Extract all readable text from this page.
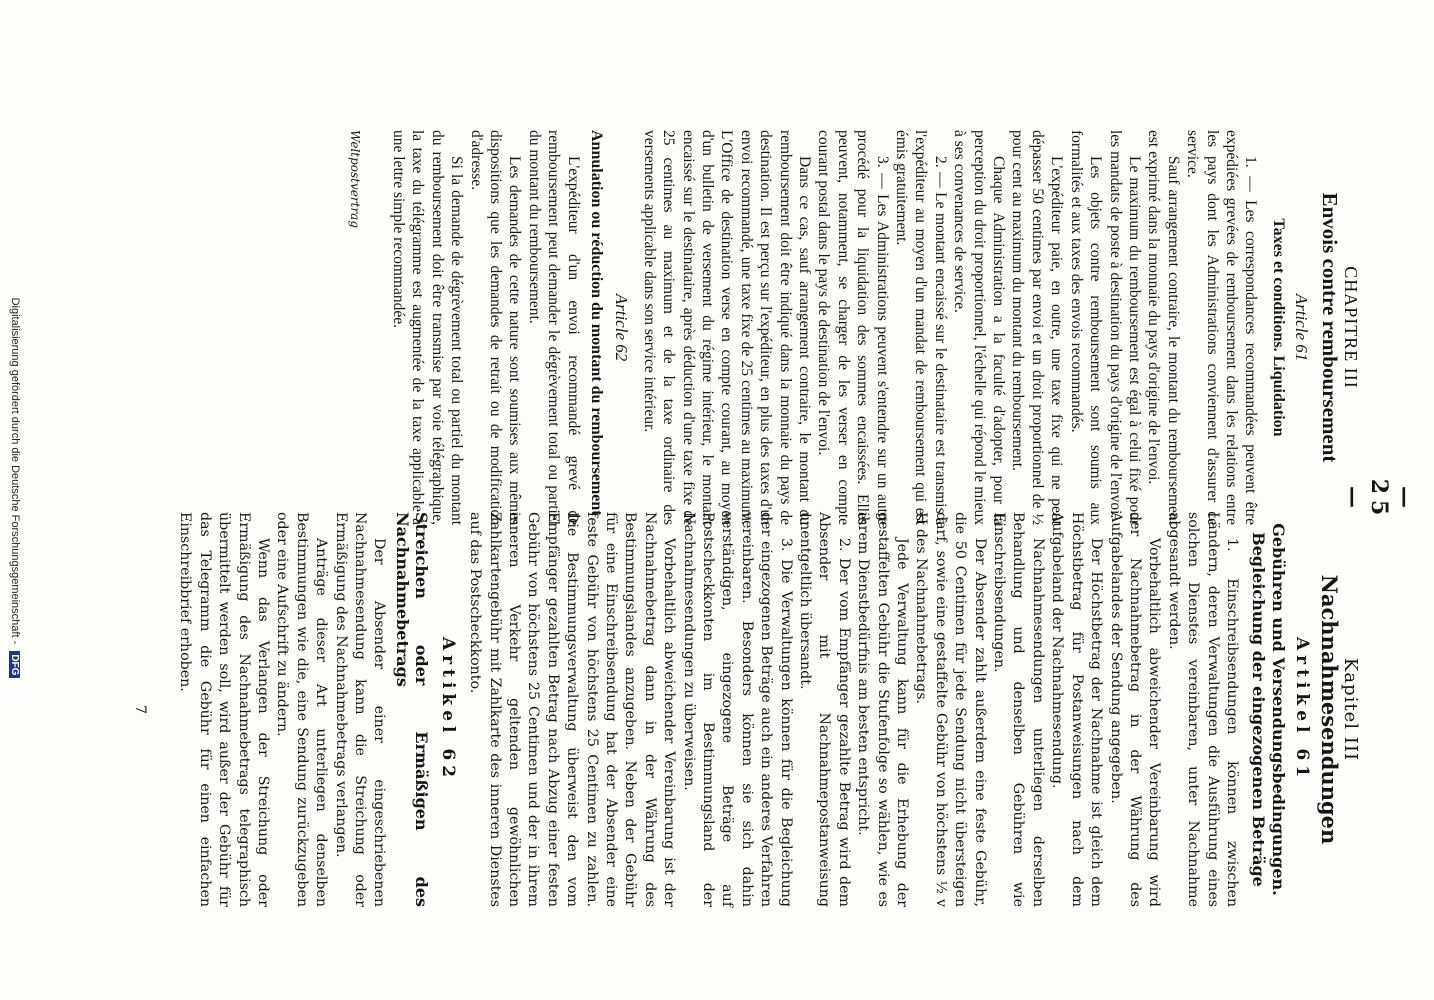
Digitalisierung gefördert durch die Deutsche Forschungsgemeinschaft - DFG
— 25 —
CHAPITRE III
Envois contre remboursement
Article 61
Taxes et conditions. Liquidation

1. — Les correspondances recommandées peuvent être expédiées grevées de remboursement dans les relations entre les pays dont les Administrations conviennent d'assurer ce service.

Sauf arrangement contraire, le montant du remboursement est exprimé dans la monnaie du pays d'origine de l'envoi.

Le maximum du remboursement est égal à celui fixé pour les mandats de poste à destination du pays d'origine de l'envoi.

Les objets contre remboursement sont soumis aux formalités et aux taxes des envois recommandés.

L'expéditeur paie, en outre, une taxe fixe qui ne peut dépasser 50 centimes par envoi et un droit proportionnel de ½ pour cent au maximum du montant du remboursement.

Chaque Administration a la faculté d'adopter, pour la perception du droit proportionnel, l'échelle qui répond le mieux à ses convenances de service.

2. — Le montant encaissé sur le destinataire est transmis à l'expéditeur au moyen d'un mandat de remboursement qui est émis gratuitement.

3. — Les Administrations peuvent s'entendre sur un autre procédé pour la liquidation des sommes encaissées. Elles peuvent, notamment, se charger de les verser en compte courant postal dans le pays de destination de l'envoi.

Dans ce cas, sauf arrangement contraire, le montant du remboursement doit être indiqué dans la monnaie du pays de destination. Il est perçu sur l'expéditeur, en plus des taxes d'un envoi recommandé, une taxe fixe de 25 centimes au maximum. L'Office de destination verse en compte courant, au moyen d'un bulletin de versement du régime intérieur, le montant encaissé sur le destinataire, après déduction d'une taxe fixe de 25 centimes au maximum et de la taxe ordinaire des versements applicable dans son service intérieur.

Article 62
Annulation ou réduction du montant du remboursement

L'expéditeur d'un envoi recommandé grevé de remboursement peut demander le dégrèvement total ou partiel du montant du remboursement.

Les demandes de cette nature sont soumises aux mêmes dispositions que les demandes de retrait ou de modification d'adresse.

Si la demande de dégrèvement total ou partiel du montant du remboursement doit être transmise par voie télégraphique, la taxe du télégramme est augmentée de la taxe applicable à une lettre simple recommandée.

Weltpostvertrag
Kapitel III
Nachnahmesendungen
Artikel 61
Gebühren und Versendungsbedingungen. Begleichung der eingezogenen Beträge

1. Einschreibsendungen können zwischen Ländern, deren Verwaltungen die Ausführung eines solchen Dienstes vereinbaren, unter Nachnahme abgesandt werden.

Vorbehaltlich abweichender Vereinbarung wird der Nachnahmebetrag in der Währung des Aufgabelandes der Sendung angegeben.

Der Höchstbetrag der Nachnahme ist gleich dem Höchstbetrag für Postanweisungen nach dem Aufgabeland der Nachnahmesendung.

Nachnahmesendungen unterliegen derselben Behandlung und denselben Gebühren wie Einschreibsendungen.

Der Absender zahlt außerdem eine feste Gebühr, die 50 Centimen für jede Sendung nicht übersteigen darf, sowie eine gestaffelte Gebühr von höchstens ½ v H des Nachnahmebetrags.

Jede Verwaltung kann für die Erhebung der gestaffelten Gebühr die Stufenfolge so wählen, wie es ihrem Dienstbedürfnis am besten entspricht.

2. Der vom Empfänger gezahlte Betrag wird dem Absender mit Nachnahmepostanweisung unentgeltlich übersandt.

3. Die Verwaltungen können für die Begleichung der eingezogenen Beträge auch ein anderes Verfahren vereinbaren. Besonders können sie sich dahin verständigen, eingezogene Beträge auf Postscheckkonten im Bestimmungsland der Nachnahmesendungen zu überweisen.

Vorbehaltlich abweichender Vereinbarung ist der Nachnahmebetrag dann in der Währung des Bestimmungslandes anzugeben. Neben der Gebühr für eine Einschreibsendung hat der Absender eine feste Gebühr von höchstens 25 Centimen zu zahlen. Die Bestimmungsverwaltung überweist den vom Empfänger gezahlten Betrag nach Abzug einer festen Gebühr von höchstens 25 Centimen und der in ihrem inneren Verkehr geltenden gewöhnlichen Zahlkartengebühr mit Zahlkarte des inneren Dienstes auf das Postscheckkonto.

Artikel 62
Streichen oder Ermäßigen des Nachnahmebetrags

Der Absender einer eingeschriebenen Nachnahmesendung kann die Streichung oder Ermäßigung des Nachnahmebetrags verlangen.

Anträge dieser Art unterliegen denselben Bestimmungen wie die, eine Sendung zurückzugeben oder eine Aufschrift zu ändern.

Wenn das Verlangen der Streichung oder Ermäßigung des Nachnahmebetrags telegraphisch übermittelt werden soll, wird außer der Gebühr für das Telegramm die Gebühr für einen einfachen Einschreibbrief erhoben.

7
